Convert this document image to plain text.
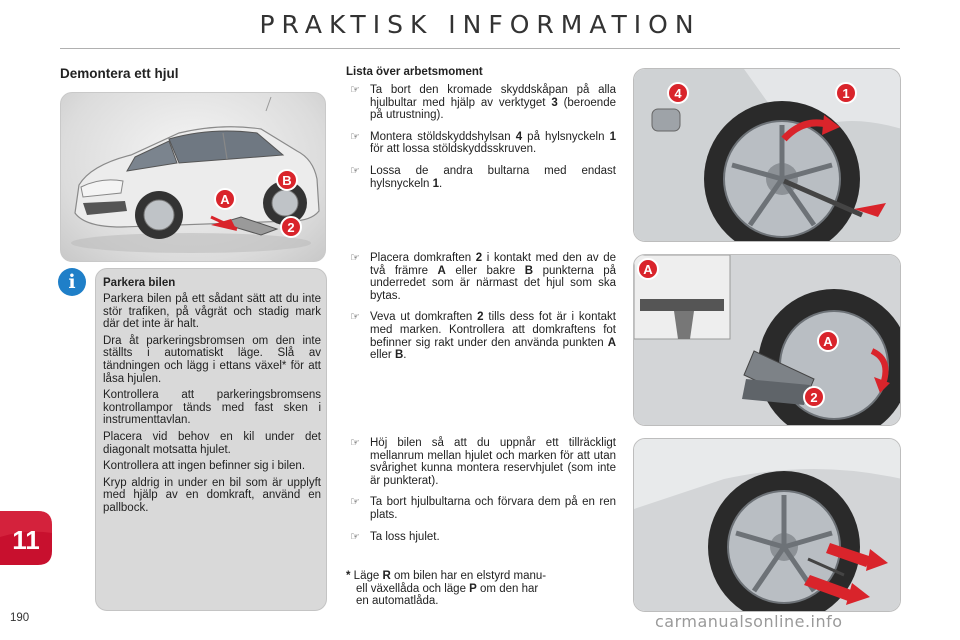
PRAKTISK INFORMATION
Demontera ett hjul
A
B
2
i	Parkera bilen

Parkera bilen på ett sådant sätt att du inte stör trafiken, på vågrät och stadig mark där det inte är halt.

Dra åt parkeringsbromsen om den inte ställts i automatiskt läge. Slå av tändningen och lägg i ettans växel* för att låsa hjulen.

Kontrollera att parkeringsbromsens kontrollampor tänds med fast sken i instrumenttavlan.

Placera vid behov en kil under det diagonalt motsatta hjulet.

Kontrollera att ingen befinner sig i bilen.

Kryp aldrig in under en bil som är upplyft med hjälp av en domkraft, använd en pallbock.

11
190
Lista över arbetsmoment
☞ Ta bort den kromade skyddskåpan på alla hjulbultar med hjälp av verktyget 3 (beroende på utrustning).
☞ Montera stöldskyddshylsan 4 på hylsnyckeln 1 för att lossa stöldskyddsskruven.
☞ Lossa de andra bultarna med endast hylsnyckeln 1.
☞ Placera domkraften 2 i kontakt med den av de två främre A eller bakre B punkterna på underredet som är närmast det hjul som ska bytas.
☞ Veva ut domkraften 2 tills dess fot är i kontakt med marken. Kontrollera att domkraftens fot befinner sig rakt under den använda punkten A eller B.
☞ Höj bilen så att du uppnår ett tillräckligt mellanrum mellan hjulet och marken för att utan svårighet kunna montera reservhjulet (som inte är punkterat).
☞ Ta bort hjulbultarna och förvara dem på en ren plats.
☞ Ta loss hjulet.
* Läge R om bilen har en elstyrd manu-
ell växellåda och läge P om den har
en automatlåda.
4	1
A
A
2
carmanualsonline.info
